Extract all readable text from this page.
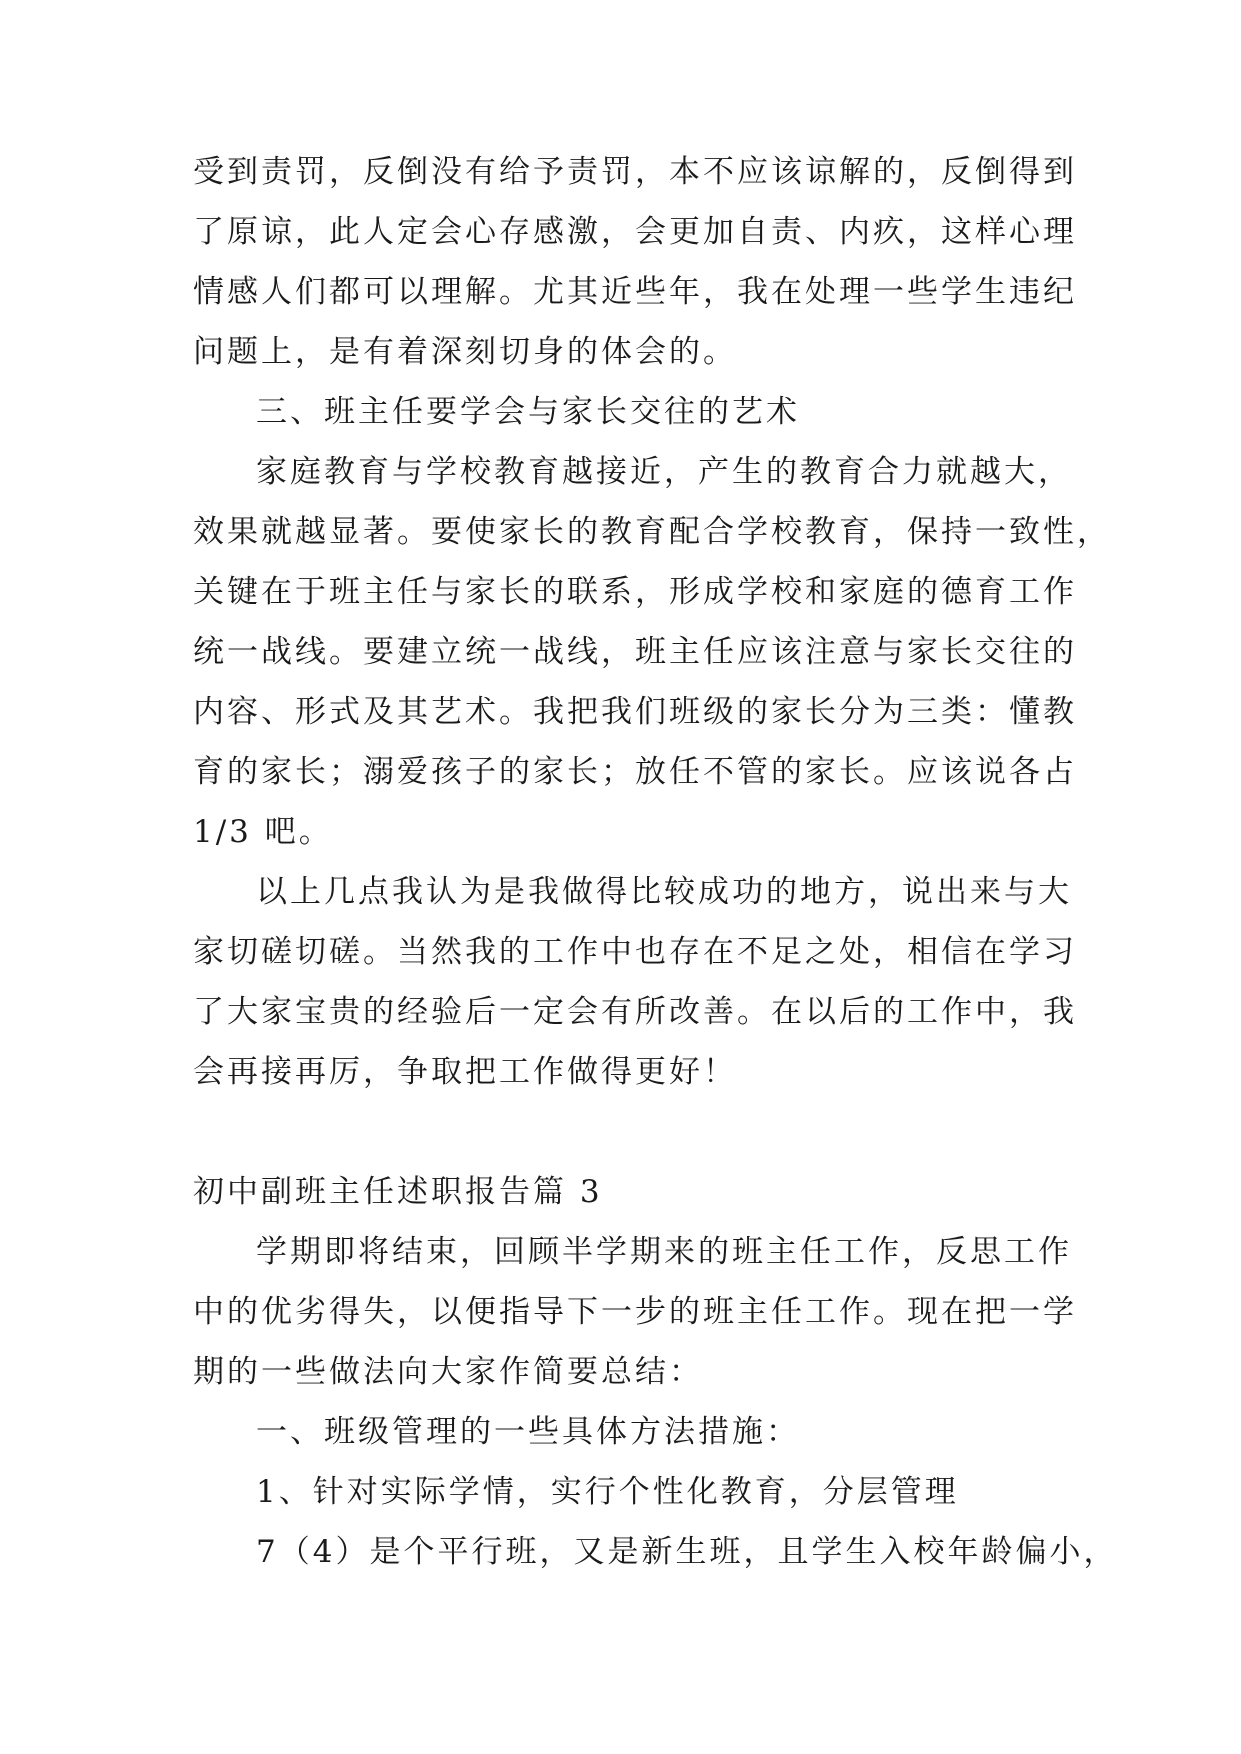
受到责罚，反倒没有给予责罚，本不应该谅解的，反倒得到
了原谅，此人定会心存感激，会更加自责、内疚，这样心理
情感人们都可以理解。尤其近些年，我在处理一些学生违纪
问题上，是有着深刻切身的体会的。
三、班主任要学会与家长交往的艺术
家庭教育与学校教育越接近，产生的教育合力就越大，
效果就越显著。要使家长的教育配合学校教育，保持一致性，
关键在于班主任与家长的联系，形成学校和家庭的德育工作
统一战线。要建立统一战线，班主任应该注意与家长交往的
内容、形式及其艺术。我把我们班级的家长分为三类：懂教
育的家长；溺爱孩子的家长；放任不管的家长。应该说各占
1/3 吧。
以上几点我认为是我做得比较成功的地方，说出来与大
家切磋切磋。当然我的工作中也存在不足之处，相信在学习
了大家宝贵的经验后一定会有所改善。在以后的工作中，我
会再接再厉，争取把工作做得更好！
初中副班主任述职报告篇 3
学期即将结束，回顾半学期来的班主任工作，反思工作
中的优劣得失，以便指导下一步的班主任工作。现在把一学
期的一些做法向大家作简要总结：
一、班级管理的一些具体方法措施：
1、针对实际学情，实行个性化教育，分层管理
7（4）是个平行班，又是新生班，且学生入校年龄偏小，
